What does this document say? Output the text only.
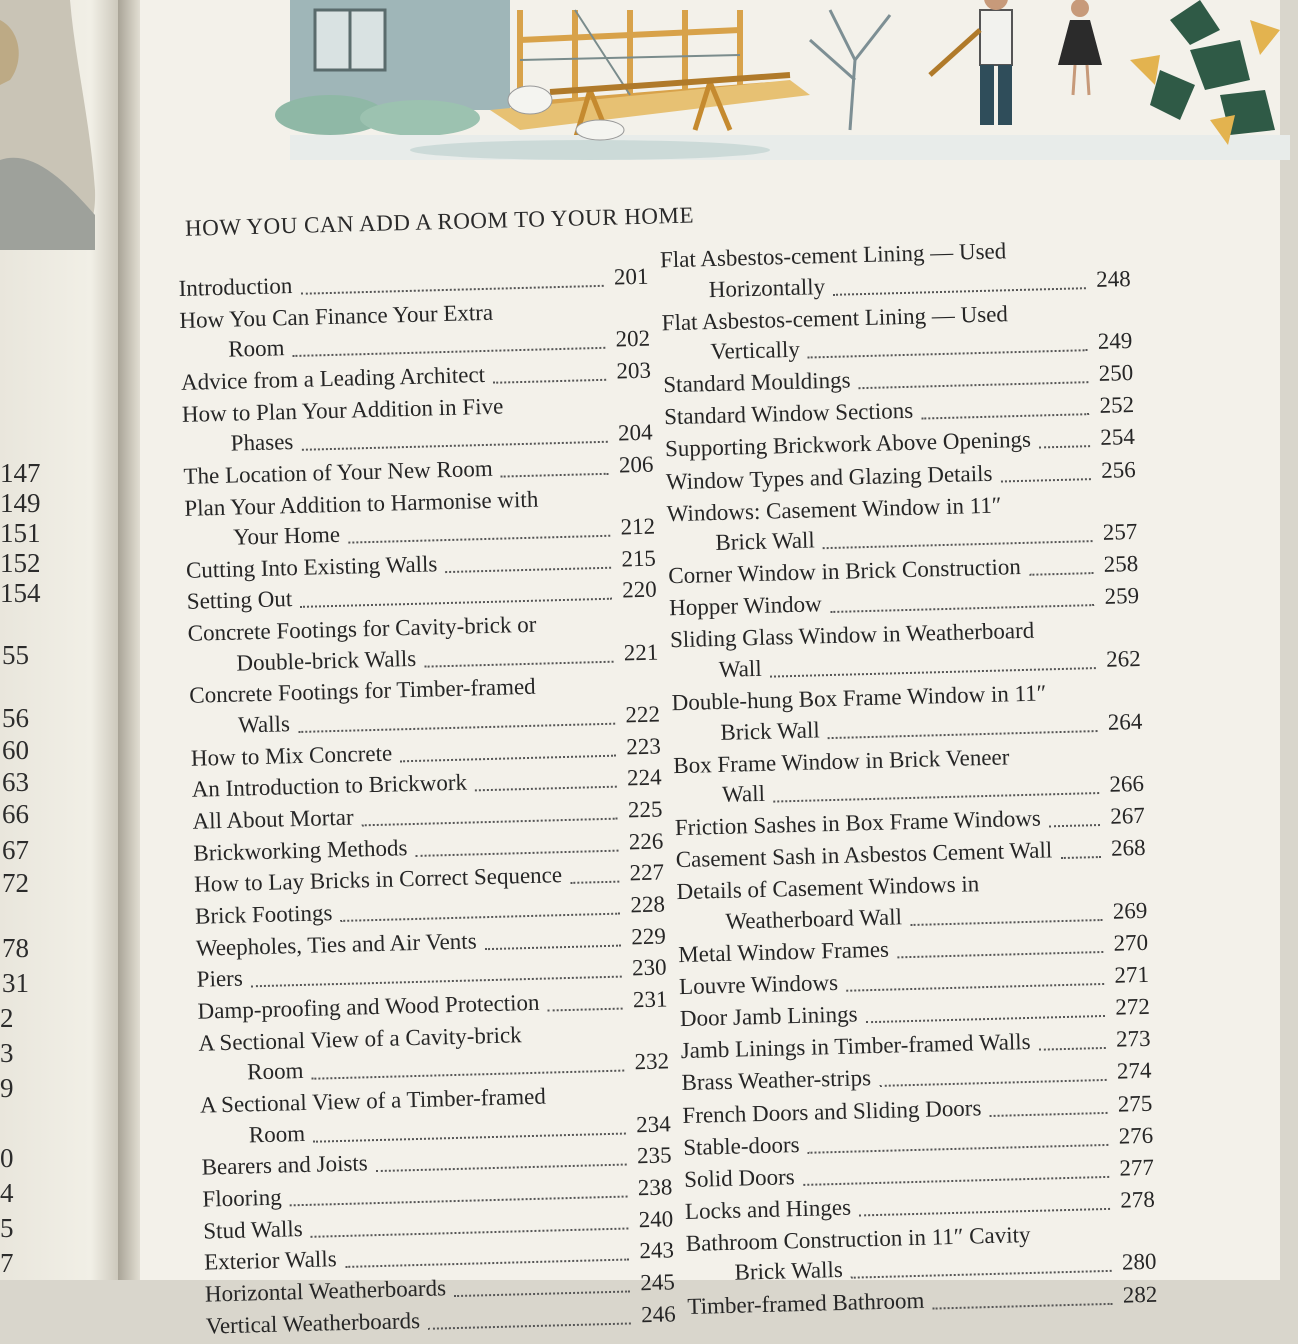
147
149
151
152
154
55
56
60
63
66
67
72
78
31
2
3
9
0
4
5
7
HOW YOU CAN ADD A ROOM TO YOUR HOME
Introduction	201
How You Can Finance Your Extra
Room	202
Advice from a Leading Architect	203
How to Plan Your Addition in Five
Phases	204
The Location of Your New Room	206
Plan Your Addition to Harmonise with
Your Home	212
Cutting Into Existing Walls	215
Setting Out	220
Concrete Footings for Cavity-brick or
Double-brick Walls	221
Concrete Footings for Timber-framed
Walls	222
How to Mix Concrete	223
An Introduction to Brickwork	224
All About Mortar	225
Brickworking Methods	226
How to Lay Bricks in Correct Sequence	227
Brick Footings	228
Weepholes, Ties and Air Vents	229
Piers	230
Damp-proofing and Wood Protection	231
A Sectional View of a Cavity-brick
Room	232
A Sectional View of a Timber-framed
Room	234
Bearers and Joists	235
Flooring	238
Stud Walls	240
Exterior Walls	243
Horizontal Weatherboards	245
Vertical Weatherboards	246
Flat Asbestos-cement Lining — Used
Horizontally	248
Flat Asbestos-cement Lining — Used
Vertically	249
Standard Mouldings	250
Standard Window Sections	252
Supporting Brickwork Above Openings	254
Window Types and Glazing Details	256
Windows: Casement Window in 11″
Brick Wall	257
Corner Window in Brick Construction	258
Hopper Window	259
Sliding Glass Window in Weatherboard
Wall	262
Double-hung Box Frame Window in 11″
Brick Wall	264
Box Frame Window in Brick Veneer
Wall	266
Friction Sashes in Box Frame Windows	267
Casement Sash in Asbestos Cement Wall	268
Details of Casement Windows in
Weatherboard Wall	269
Metal Window Frames	270
Louvre Windows	271
Door Jamb Linings	272
Jamb Linings in Timber-framed Walls	273
Brass Weather-strips	274
French Doors and Sliding Doors	275
Stable-doors	276
Solid Doors	277
Locks and Hinges	278
Bathroom Construction in 11″ Cavity
Brick Walls	280
Timber-framed Bathroom	282
